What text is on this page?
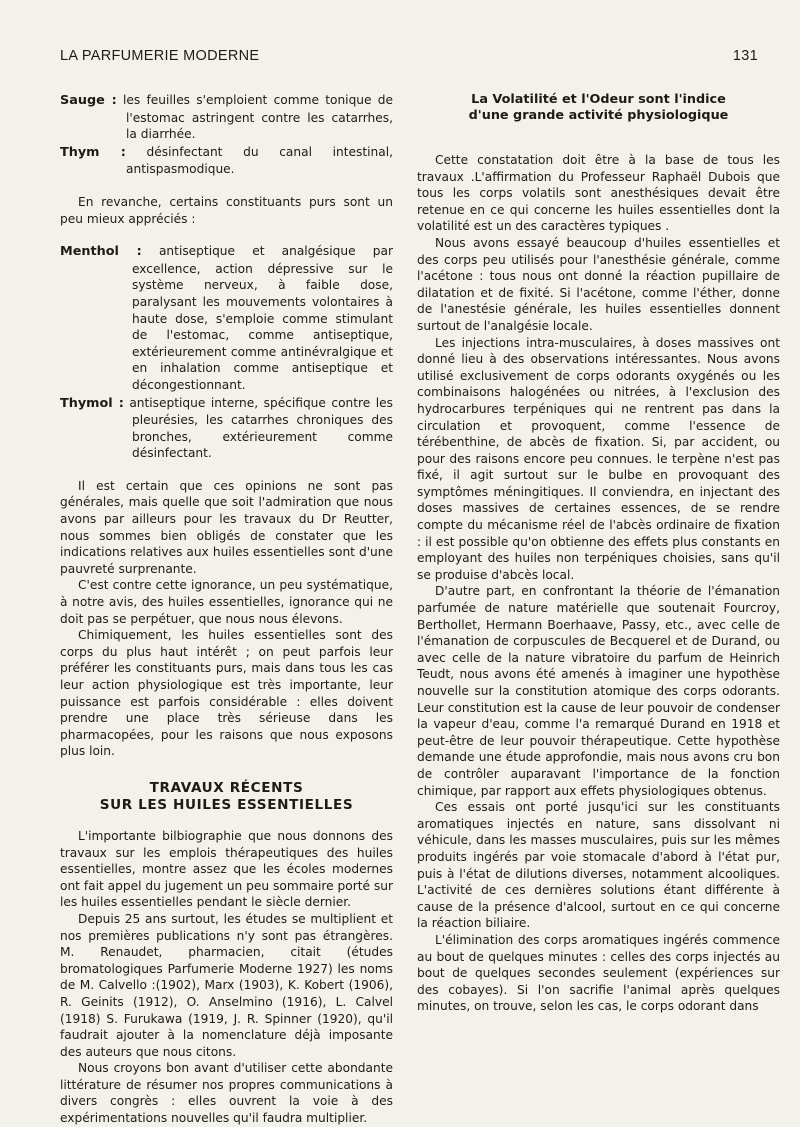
LA PARFUMERIE MODERNE	131
Sauge : les feuilles s'emploient comme tonique de l'estomac astringent contre les catarrhes, la diarrhée.
Thym : désinfectant du canal intestinal, antispasmodique.

En revanche, certains constituants purs sont un peu mieux appréciés :

Menthol : antiseptique et analgésique par excellence, action dépressive sur le système nerveux, à faible dose, paralysant les mouvements volontaires à haute dose, s'emploie comme stimulant de l'estomac, comme antiseptique, extérieurement comme antinévralgique et en inhalation comme antiseptique et décongestionnant.
Thymol : antiseptique interne, spécifique contre les pleurésies, les catarrhes chroniques des bronches, extérieurement comme désinfectant.

Il est certain que ces opinions ne sont pas générales, mais quelle que soit l'admiration que nous avons par ailleurs pour les travaux du Dr Reutter, nous sommes bien obligés de constater que les indications relatives aux huiles essentielles sont d'une pauvreté surprenante.

C'est contre cette ignorance, un peu systématique, à notre avis, des huiles essentielles, ignorance qui ne doit pas se perpétuer, que nous nous élevons.

Chimiquement, les huiles essentielles sont des corps du plus haut intérêt ; on peut parfois leur préférer les constituants purs, mais dans tous les cas leur action physiologique est très importante, leur puissance est parfois considérable : elles doivent prendre une place très sérieuse dans les pharmacopées, pour les raisons que nous exposons plus loin.

TRAVAUX RÉCENTS
SUR LES HUILES ESSENTIELLES

L'importante bilbiographie que nous donnons des travaux sur les emplois thérapeutiques des huiles essentielles, montre assez que les écoles modernes ont fait appel du jugement un peu sommaire porté sur les huiles essentielles pendant le siècle dernier.

Depuis 25 ans surtout, les études se multiplient et nos premières publications n'y sont pas étrangères. M. Renaudet, pharmacien, citait (études bromatologiques Parfumerie Moderne 1927) les noms de M. Calvello :(1902), Marx (1903), K. Kobert (1906), R. Geinits (1912), O. Anselmino (1916), L. Calvel (1918) S. Furukawa (1919, J. R. Spinner (1920), qu'il faudrait ajouter à la nomenclature déjà imposante des auteurs que nous citons.

Nous croyons bon avant d'utiliser cette abondante littérature de résumer nos propres communications à divers congrès : elles ouvrent la voie à des expérimentations nouvelles qu'il faudra multiplier.

La Volatilité et l'Odeur sont l'indice
d'une grande activité physiologique

Cette constatation doit être à la base de tous les travaux .L'affirmation du Professeur Raphaël Dubois que tous les corps volatils sont anesthésiques devait être retenue en ce qui concerne les huiles essentielles dont la volatilité est un des caractères typiques .

Nous avons essayé beaucoup d'huiles essentielles et des corps peu utilisés pour l'anesthésie générale, comme l'acétone : tous nous ont donné la réaction pupillaire de dilatation et de fixité. Si l'acétone, comme l'éther, donne de l'anestésie générale, les huiles essentielles donnent surtout de l'analgésie locale.

Les injections intra-musculaires, à doses massives ont donné lieu à des observations intéressantes. Nous avons utilisé exclusivement de corps odorants oxygénés ou les combinaisons halogénées ou nitrées, à l'exclusion des hydrocarbures terpéniques qui ne rentrent pas dans la circulation et provoquent, comme l'essence de térébenthine, de abcès de fixation. Si, par accident, ou pour des raisons encore peu connues. le terpène n'est pas fixé, il agit surtout sur le bulbe en provoquant des symptômes méningitiques. Il conviendra, en injectant des doses massives de certaines essences, de se rendre compte du mécanisme réel de l'abcès ordinaire de fixation : il est possible qu'on obtienne des effets plus constants en employant des huiles non terpéniques choisies, sans qu'il se produise d'abcès local.

D'autre part, en confrontant la théorie de l'émanation parfumée de nature matérielle que soutenait Fourcroy, Berthollet, Hermann Boerhaave, Passy, etc., avec celle de l'émanation de corpuscules de Becquerel et de Durand, ou avec celle de la nature vibratoire du parfum de Heinrich Teudt, nous avons été amenés à imaginer une hypothèse nouvelle sur la constitution atomique des corps odorants. Leur constitution est la cause de leur pouvoir de condenser la vapeur d'eau, comme l'a remarqué Durand en 1918 et peut-être de leur pouvoir thérapeutique. Cette hypothèse demande une étude approfondie, mais nous avons cru bon de contrôler auparavant l'importance de la fonction chimique, par rapport aux effets physiologiques obtenus.

Ces essais ont porté jusqu'ici sur les constituants aromatiques injectés en nature, sans dissolvant ni véhicule, dans les masses musculaires, puis sur les mêmes produits ingérés par voie stomacale d'abord à l'état pur, puis à l'état de dilutions diverses, notamment alcooliques. L'activité de ces dernières solutions étant différente à cause de la présence d'alcool, surtout en ce qui concerne la réaction biliaire.

L'élimination des corps aromatiques ingérés commence au bout de quelques minutes : celles des corps injectés au bout de quelques secondes seulement (expériences sur des cobayes). Si l'on sacrifie l'animal après quelques minutes, on trouve, selon les cas, le corps odorant dans
